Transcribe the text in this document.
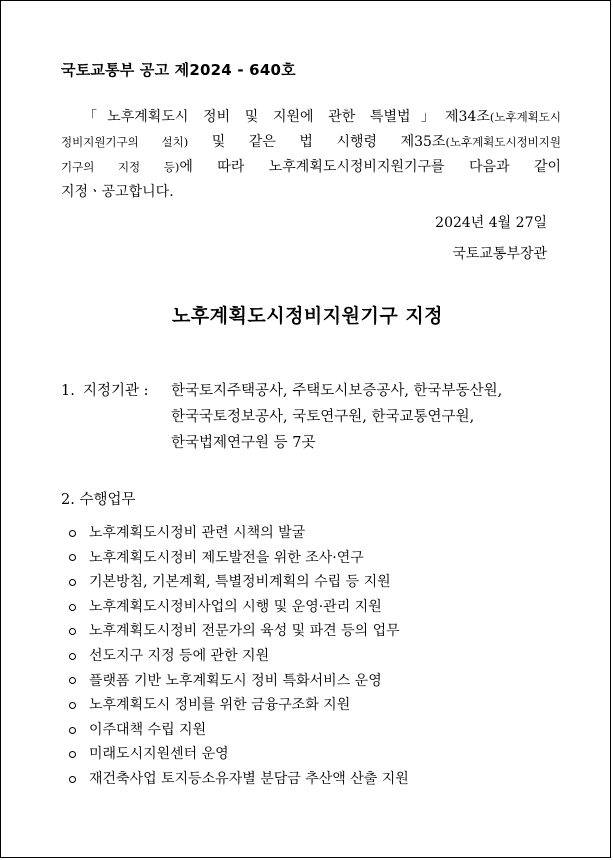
국토교통부 공고 제2024 - 640호
「노후계획도시 정비 및 지원에 관한 특별법」제34조(노후계획도시
정비지원기구의 설치) 및 같은 법 시행령 제35조(노후계획도시정비지원
기구의 지정 등)에 따라 노후계획도시정비지원기구를 다음과 같이
지정ㆍ공고합니다.
2024년 4월 27일
국토교통부장관
노후계획도시정비지원기구 지정
1. 지정기관 :	한국토지주택공사, 주택도시보증공사, 한국부동산원,
한국국토정보공사, 국토연구원, 한국교통연구원,
한국법제연구원 등 7곳
2. 수행업무
노후계획도시정비 관련 시책의 발굴
노후계획도시정비 제도발전을 위한 조사·연구
기본방침, 기본계획, 특별정비계획의 수립 등 지원
노후계획도시정비사업의 시행 및 운영·관리 지원
노후계획도시정비 전문가의 육성 및 파견 등의 업무
선도지구 지정 등에 관한 지원
플랫폼 기반 노후계획도시 정비 특화서비스 운영
노후계획도시 정비를 위한 금융구조화 지원
이주대책 수립 지원
미래도시지원센터 운영
재건축사업 토지등소유자별 분담금 추산액 산출 지원
